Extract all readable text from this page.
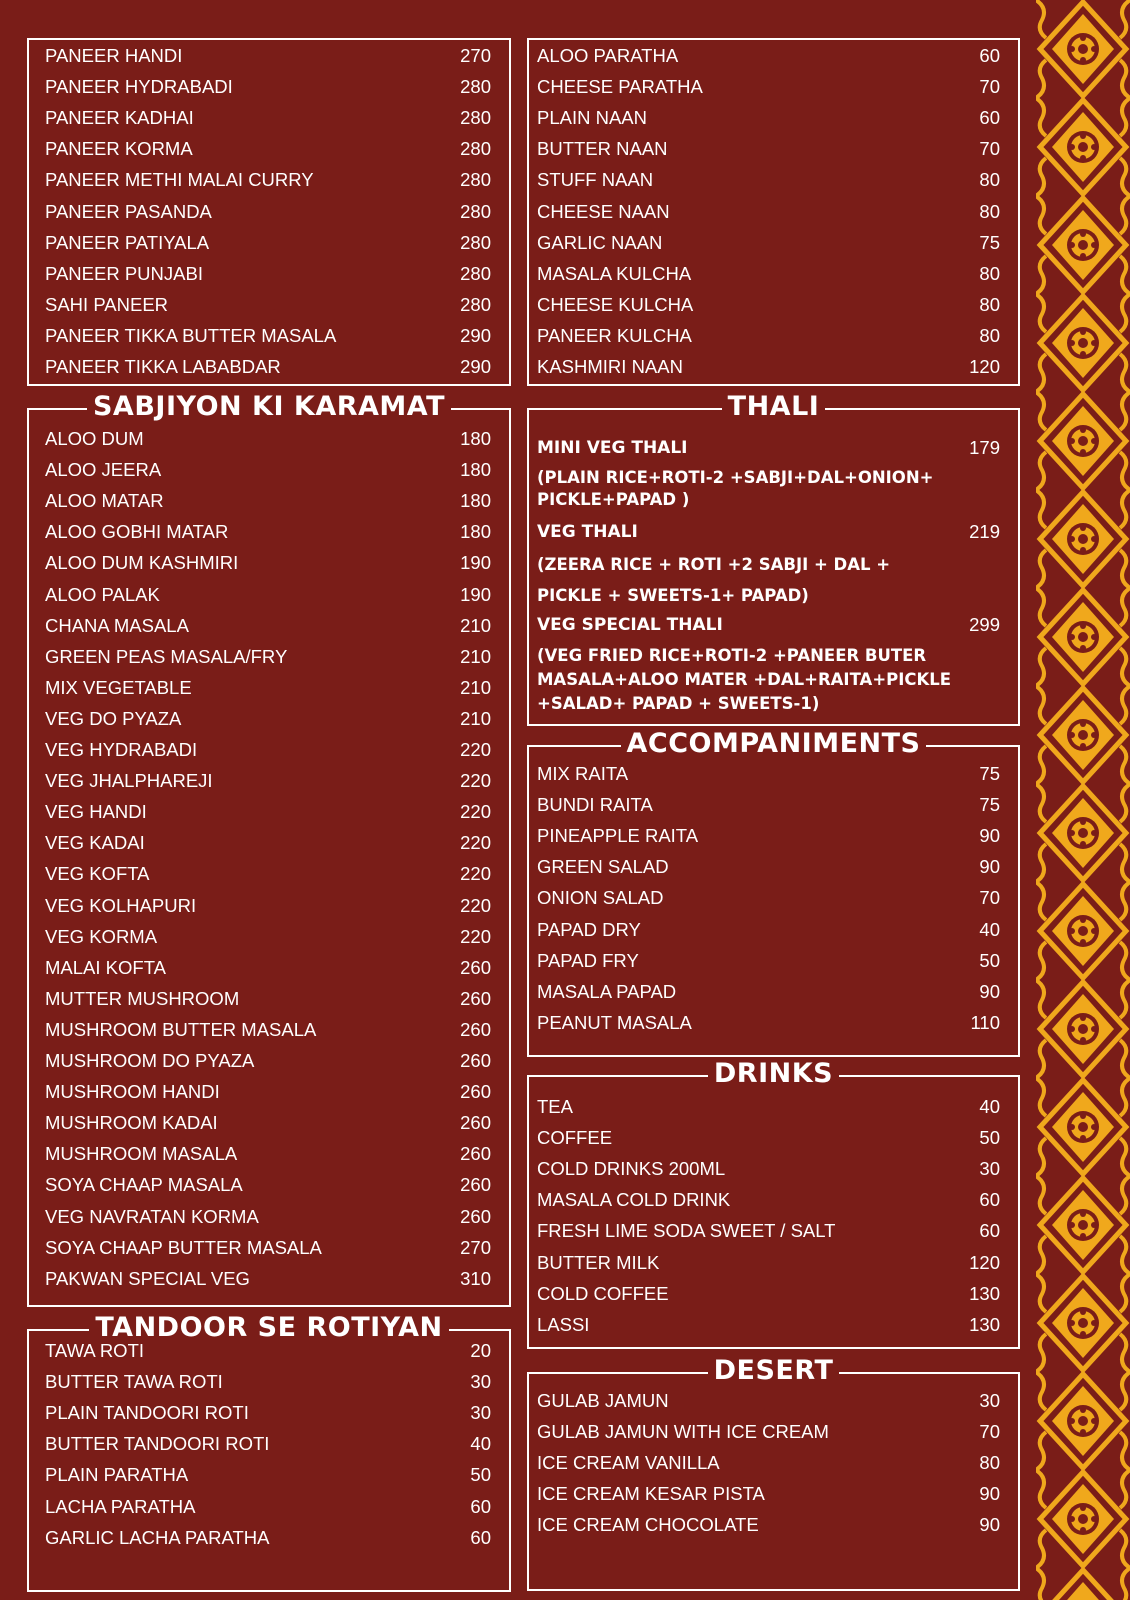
PANEER HANDI	270
PANEER HYDRABADI	280
PANEER KADHAI	280
PANEER KORMA	280
PANEER METHI MALAI CURRY	280
PANEER PASANDA	280
PANEER PATIYALA	280
PANEER PUNJABI	280
SAHI PANEER	280
PANEER TIKKA BUTTER MASALA	290
PANEER TIKKA LABABDAR	290
ALOO PARATHA	60
CHEESE PARATHA	70
PLAIN NAAN	60
BUTTER NAAN	70
STUFF NAAN	80
CHEESE NAAN	80
GARLIC NAAN	75
MASALA KULCHA	80
CHEESE KULCHA	80
PANEER KULCHA	80
KASHMIRI NAAN	120
SABJIYON KI KARAMAT
ALOO DUM	180
ALOO JEERA	180
ALOO MATAR	180
ALOO GOBHI MATAR	180
ALOO DUM KASHMIRI	190
ALOO PALAK	190
CHANA MASALA	210
GREEN PEAS MASALA/FRY	210
MIX VEGETABLE	210
VEG DO PYAZA	210
VEG HYDRABADI	220
VEG JHALPHAREJI	220
VEG HANDI	220
VEG KADAI	220
VEG KOFTA	220
VEG KOLHAPURI	220
VEG KORMA	220
MALAI KOFTA	260
MUTTER MUSHROOM	260
MUSHROOM BUTTER MASALA	260
MUSHROOM DO PYAZA	260
MUSHROOM HANDI	260
MUSHROOM KADAI	260
MUSHROOM MASALA	260
SOYA CHAAP MASALA	260
VEG NAVRATAN KORMA	260
SOYA CHAAP BUTTER MASALA	270
PAKWAN SPECIAL VEG	310
TANDOOR SE ROTIYAN
TAWA ROTI	20
BUTTER TAWA ROTI	30
PLAIN TANDOORI ROTI	30
BUTTER TANDOORI ROTI	40
PLAIN PARATHA	50
LACHA PARATHA	60
GARLIC LACHA PARATHA	60
THALI
MINI VEG THALI	179
(PLAIN RICE+ROTI-2 +SABJI+DAL+ONION+
PICKLE+PAPAD )
VEG THALI	219
(ZEERA RICE + ROTI +2 SABJI + DAL +
PICKLE + SWEETS-1+ PAPAD)
VEG SPECIAL THALI	299
(VEG FRIED RICE+ROTI-2 +PANEER BUTER
MASALA+ALOO MATER +DAL+RAITA+PICKLE
+SALAD+ PAPAD + SWEETS-1)
ACCOMPANIMENTS
MIX RAITA	75
BUNDI RAITA	75
PINEAPPLE RAITA	90
GREEN SALAD	90
ONION SALAD	70
PAPAD DRY	40
PAPAD FRY	50
MASALA PAPAD	90
PEANUT MASALA	110
DRINKS
TEA	40
COFFEE	50
COLD DRINKS 200ML	30
MASALA COLD DRINK	60
FRESH LIME SODA SWEET / SALT	60
BUTTER MILK	120
COLD COFFEE	130
LASSI	130
DESERT
GULAB JAMUN	30
GULAB JAMUN WITH ICE CREAM	70
ICE CREAM VANILLA	80
ICE CREAM KESAR PISTA	90
ICE CREAM CHOCOLATE	90
